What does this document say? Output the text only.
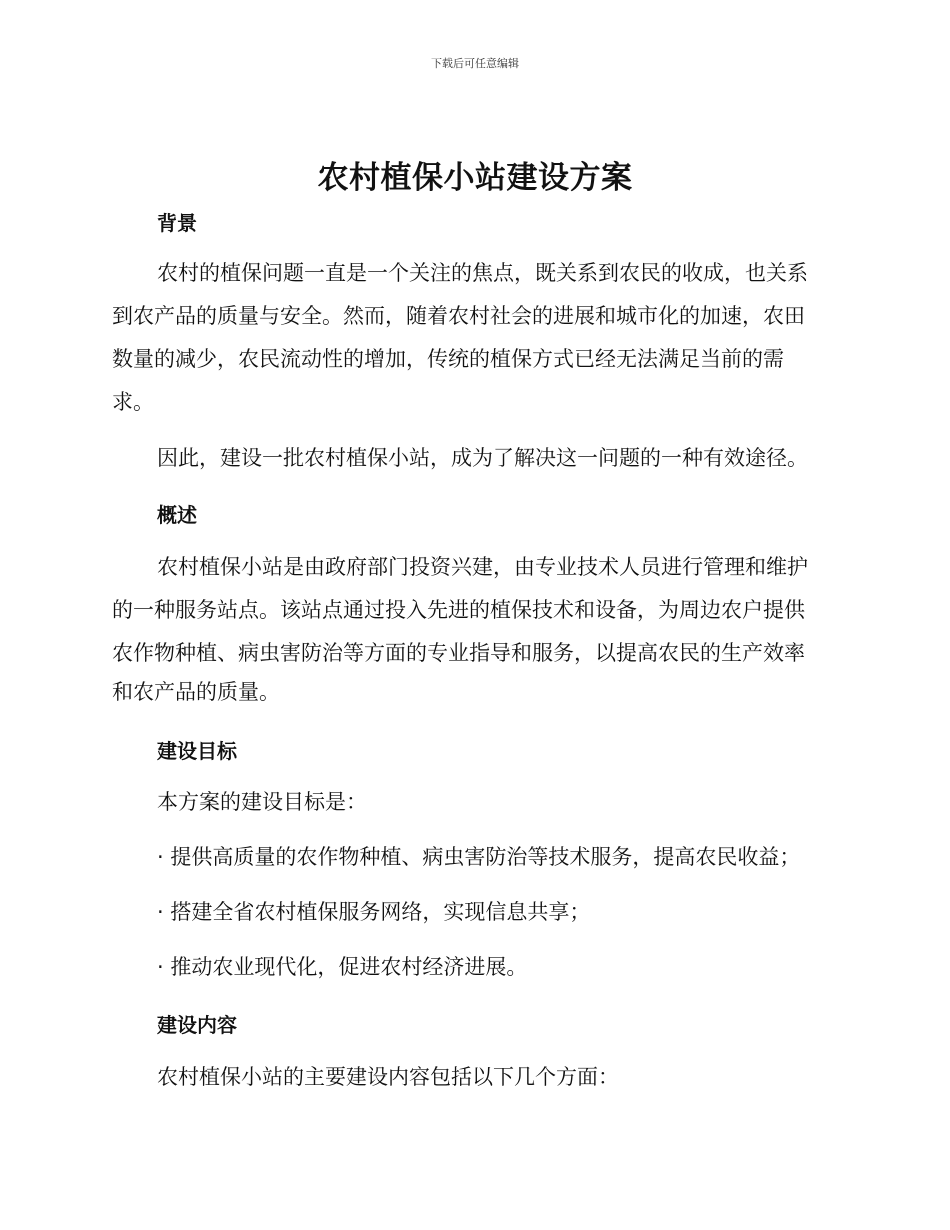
下载后可任意编辑
农村植保小站建设方案
背景
农村的植保问题一直是一个关注的焦点，既关系到农民的收成，也关系
到农产品的质量与安全。然而，随着农村社会的进展和城市化的加速，农田
数量的减少，农民流动性的增加，传统的植保方式已经无法满足当前的需
求。
因此，建设一批农村植保小站，成为了解决这一问题的一种有效途径。
概述
农村植保小站是由政府部门投资兴建，由专业技术人员进行管理和维护
的一种服务站点。该站点通过投入先进的植保技术和设备，为周边农户提供
农作物种植、病虫害防治等方面的专业指导和服务，以提高农民的生产效率
和农产品的质量。
建设目标
本方案的建设目标是：
· 提供高质量的农作物种植、病虫害防治等技术服务，提高农民收益；
· 搭建全省农村植保服务网络，实现信息共享；
· 推动农业现代化，促进农村经济进展。
建设内容
农村植保小站的主要建设内容包括以下几个方面：
